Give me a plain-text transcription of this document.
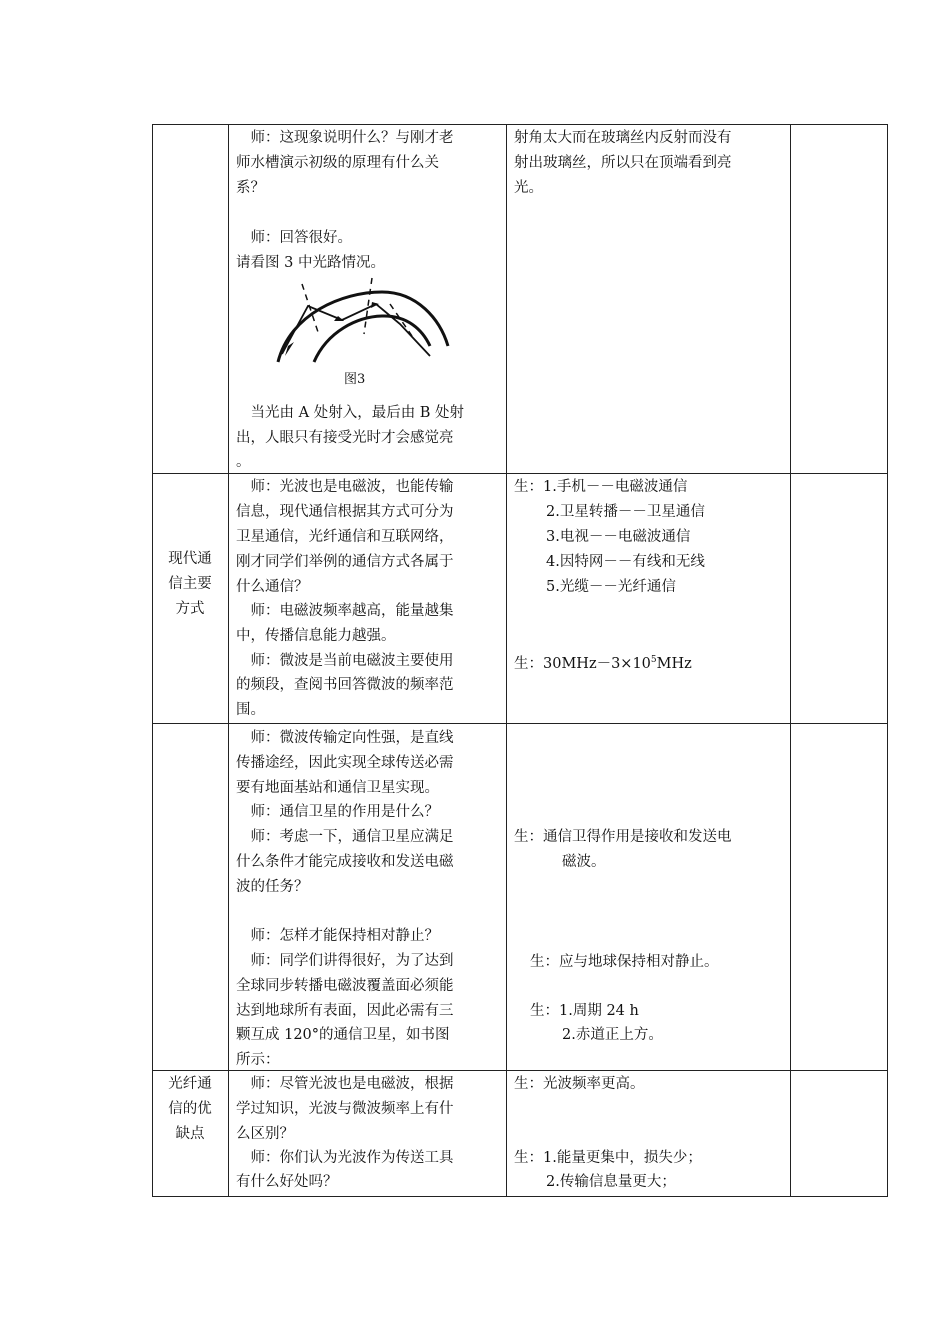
　师：这现象说明什么？与刚才老
师水槽演示初级的原理有什么关
系？
　师：回答很好。
请看图 3 中光路情况。
图3
　当光由 A 处射入，最后由 B 处射
出，人眼只有接受光时才会感觉亮
。
射角太大而在玻璃丝内反射而没有
射出玻璃丝，所以只在顶端看到亮
光。
现代通
信主要
方式
　师：光波也是电磁波，也能传输
信息，现代通信根据其方式可分为
卫星通信，光纤通信和互联网络，
刚才同学们举例的通信方式各属于
什么通信？
　师：电磁波频率越高，能量越集
中，传播信息能力越强。
　师：微波是当前电磁波主要使用
的频段，查阅书回答微波的频率范
围。
生：1.手机－－电磁波通信
2.卫星转播－－卫星通信
3.电视－－电磁波通信
4.因特网－－有线和无线
5.光缆－－光纤通信
生：$30MHz-3\times 10^5MHz$
　师：微波传输定向性强，是直线
传播途经，因此实现全球传送必需
要有地面基站和通信卫星实现。
　师：通信卫星的作用是什么？
　师：考虑一下，通信卫星应满足
什么条件才能完成接收和发送电磁
波的任务？
　师：怎样才能保持相对静止？
　师：同学们讲得很好，为了达到
全球同步转播电磁波覆盖面必须能
达到地球所有表面，因此必需有三
颗互成 120°的通信卫星，如书图
所示：
生：通信卫得作用是接收和发送电
磁波。
生：应与地球保持相对静止。
生：1.周期 24 h
2.赤道正上方。
光纤通
信的优
缺点
　师：尽管光波也是电磁波，根据
学过知识，光波与微波频率上有什
么区别？
　师：你们认为光波作为传送工具
有什么好处吗？
生：光波频率更高。
生：1.能量更集中，损失少；
2.传输信息量更大；
